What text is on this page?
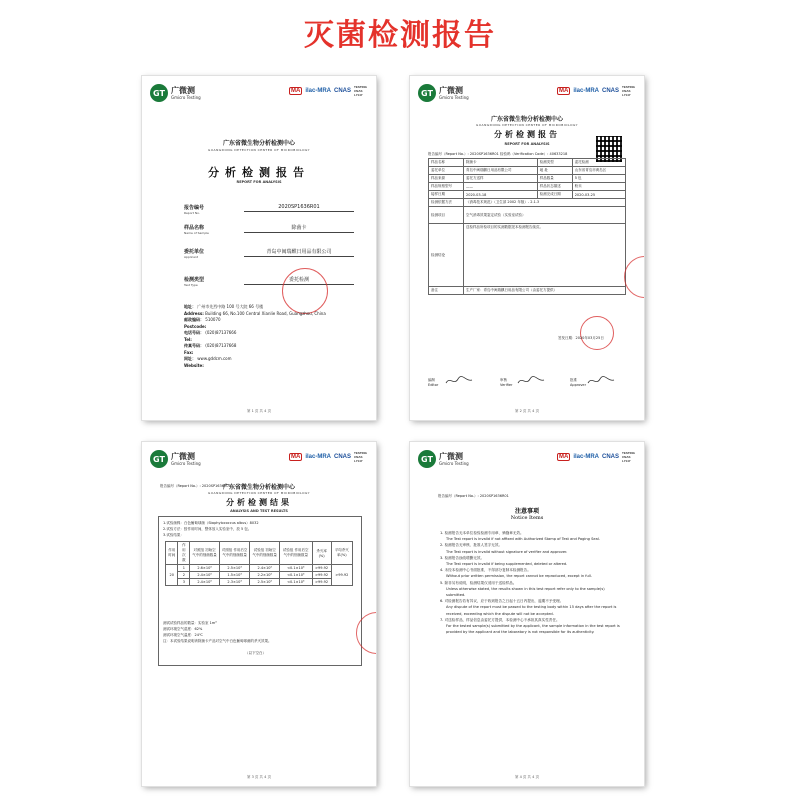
灭菌检测报告
GT 广微测
Gmicro Testing
MA ilac-MRA CNAS
TESTING CNAS L7147
广东省微生物分析检测中心
GUANGDONG DETECTION CENTER OF MICROBIOLOGY
分析检测报告
REPORT FOR ANALYSIS
报告编号
Report No.
2020SP1636R01
样品名称
Name of Sample
除菌卡
委托单位
Applicant
青岛中闽瑞麒日用品有限公司
检测类型
Test Type
委托检测
地址： 广州市先烈中路 100 号大院 66 号楼
Address: Building 66, No.100 Central Xianlie Road, Guangzhou, China
邮政编码： 510070
Postcode:
电话号码： (020)87137666
Tel:
传真号码： (020)87137668
Fax:
网址： www.gddcm.com
Website:
第 1 页 共 4 页
GT 广微测
Gmicro Testing
MA ilac-MRA CNAS
TESTING CNAS L7147
广东省微生物分析检测中心
GUANGDONG DETECTION CENTER OF MICROBIOLOGY
分析检测报告
REPORT FOR ANALYSIS
报告编号（Report No.）: 2020SP1636R01 检验码（Verification Code）: 40633218
样品名称	除菌卡	检测类型	委托检测
委托单位	青岛中闽瑞麒日用品有限公司	地 址	山东省青岛市黄岛区
样品来源	委托方送样	样品数量	5 包
样品规格型号	——	样品状态描述	粉末
接样日期	2020-03-18	检测完成日期	2020-03-25
检测依据方法	《消毒技术规范》（卫生部 2002 年版）- 2.1.3		
检测项目	空气消毒效果鉴定试验（实验室试验）		
检测结论	送检样品所检项目的实测数据见本检测报告续页。		
备注	生产厂家：青岛中闽瑞麒日用品有限公司（由委托方提供）		
签发日期：2020年03月25日
编制
Editor
审核
Verifier
批准
Approver
第 2 页 共 4 页
GT 广微测
Gmicro Testing
MA ilac-MRA CNAS
TESTING CNAS L7147
报告编号（Report No.）: 2020SP1636R01
广东省微生物分析检测中心
GUANGDONG DETECTION CENTER OF MICROBIOLOGY
分析检测结果
ANALYSIS AND TEST RESULTS
1.试验菌株：白色葡萄球菌（Staphylococcus albus）8032
2.试验方法：按作用时间，整体放入实验室中，放 5 包。
3.试验结果：
作用时间	作用次数	对照组 初始空气中的细菌数量	对照组 作用后空气中的细菌数量	试验组 初始空气中的细菌数量	试验组 作用后空气中的细菌数量	杀灭率(%)	平均杀灭率(%)
20	1	2.6×10³	2.5×10³	2.4×10³	<0.1×10³	>99.92	>99.92
	2	2.4×10³	1.5×10³	2.2×10³	<0.1×10³	>99.92	
	3	2.4×10³	2.3×10³	2.5×10³	<0.1×10³	>99.92	
测试试验样品的数量：实验室 1m³
测试环境空气湿度：62%
测试环境空气温度：24℃
注：本试验结果说明该除菌卡产品对空气中白色葡萄球菌的杀灭效果。
（以下空白）
第 3 页 共 4 页
GT 广微测
Gmicro Testing
MA ilac-MRA CNAS
TESTING CNAS L7147
报告编号（Report No.）: 2020SP1636R01
注意事项
Notice Items
1. 检测报告无本单位检验检测专用章、骑缝章无效。
The Test report is invalid if not affixed with Authorized Stamp of Test and Paging Seal.
2. 检测报告无审核、批准人签字无效。
The Test report is invalid without signature of verifier and approver.
3. 检测报告涂改增删无效。
The Test report is invalid if being supplemented, deleted or altered.
4. 未经本检测中心书面批准，不得部分复制本检测报告。
Without prior written permission, the report cannot be reproduced, except in full.
5. 除非另有说明，检测结果仅适用于送检样品。
Unless otherwise stated, the results shown in this test report refer only to the sample(s) submitted.
6. 对检测报告若有异议，应于收到报告之日起十五日内提出，逾期不予受理。
Any dispute of the report must be passed to the testing body within 15 days after the report is received, exceeding which the dispute will not be accepted.
7. 对送检样品，样品信息由委托方提供，本检测中心不承担其真实性责任。
For the tested sample(s) submitted by the applicant, the sample information in the test report is provided by the applicant and the laboratory is not responsible for its authenticity.
第 4 页 共 4 页
